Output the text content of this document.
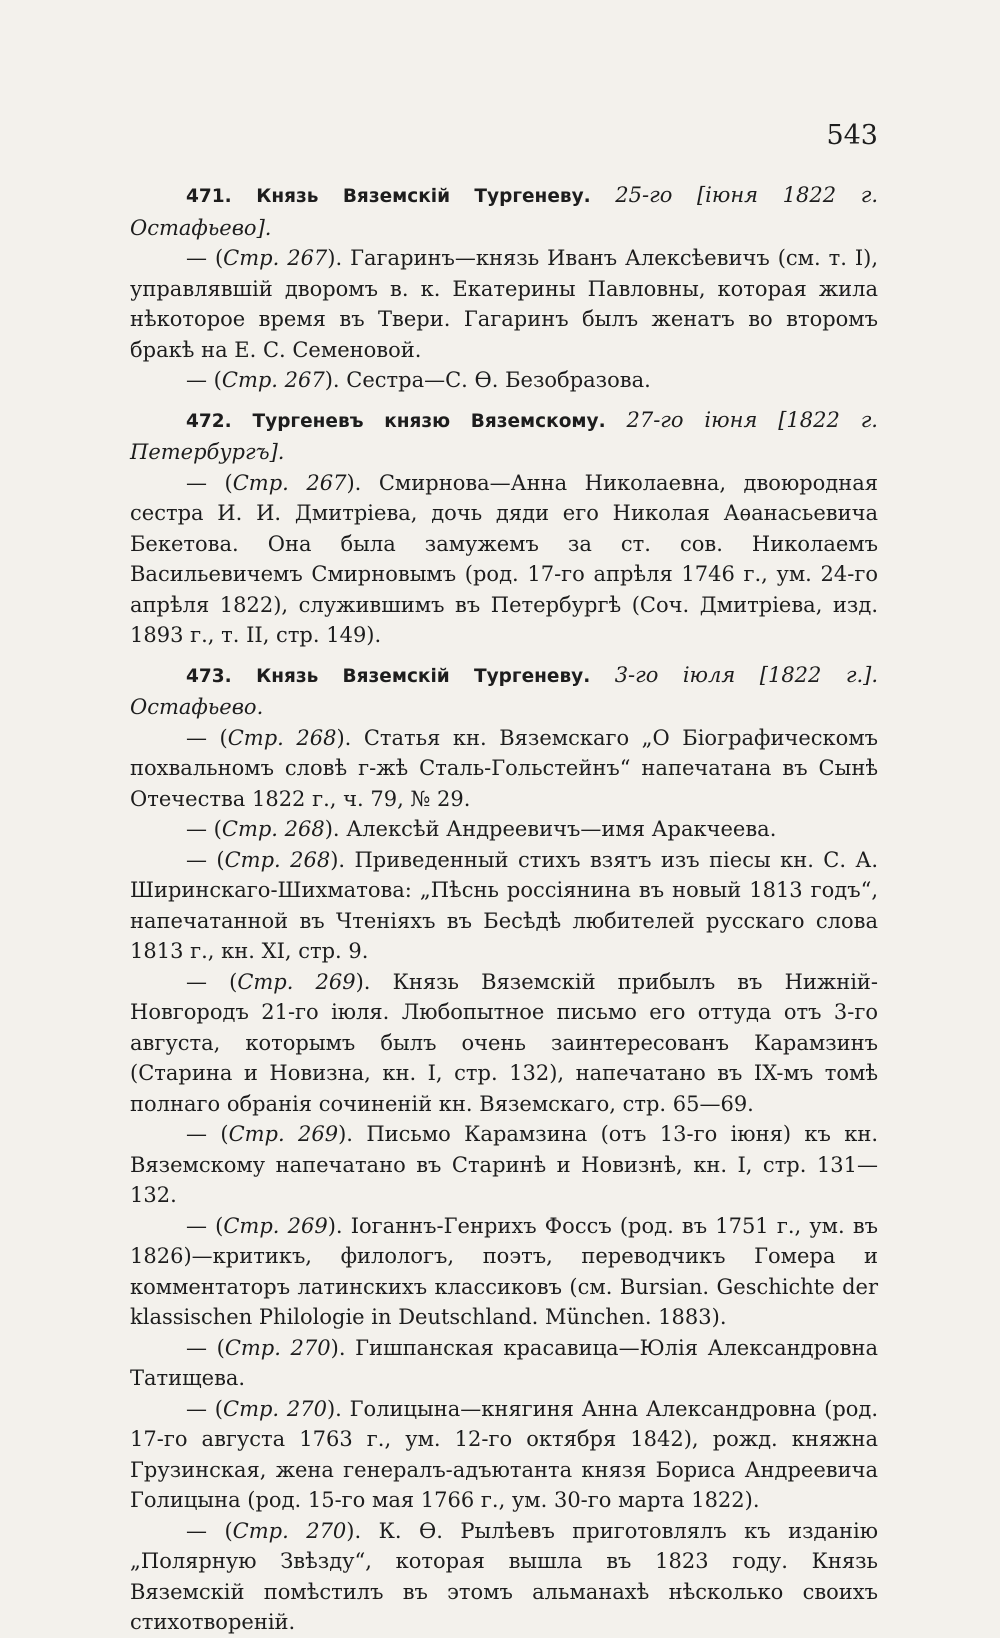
543

471. Князь Вяземскій Тургеневу. 25-го [іюня 1822 г. Остафьево].

— (Стр. 267). Гагаринъ—князь Иванъ Алексѣевичъ (см. т. I), управлявшій дворомъ в. к. Екатерины Павловны, которая жила нѣкоторое время въ Твери. Гагаринъ былъ женатъ во второмъ бракѣ на Е. С. Семеновой.

— (Стр. 267). Сестра—С. Ѳ. Безобразова.

472. Тургеневъ князю Вяземскому. 27-го іюня [1822 г. Петербургъ].

— (Стр. 267). Смирнова—Анна Николаевна, двоюродная сестра И. И. Дмитріева, дочь дяди его Николая Аѳанасьевича Бекетова. Она была замужемъ за ст. сов. Николаемъ Васильевичемъ Смирновымъ (род. 17-го апрѣля 1746 г., ум. 24-го апрѣля 1822), служившимъ въ Петербургѣ (Соч. Дмитріева, изд. 1893 г., т. II, стр. 149).

473. Князь Вяземскій Тургеневу. 3-го іюля [1822 г.]. Остафьево.

— (Стр. 268). Статья кн. Вяземскаго „О Біографическомъ похвальномъ словѣ г-жѣ Сталь-Гольстейнъ“ напечатана въ Сынѣ Отечества 1822 г., ч. 79, № 29.

— (Стр. 268). Алексѣй Андреевичъ—имя Аракчеева.

— (Стр. 268). Приведенный стихъ взятъ изъ піесы кн. С. А. Ширинскаго-Шихматова: „Пѣснь россіянина въ новый 1813 годъ“, напечатанной въ Чтеніяхъ въ Бесѣдѣ любителей русскаго слова 1813 г., кн. XI, стр. 9.

— (Стр. 269). Князь Вяземскій прибылъ въ Нижній-Новгородъ 21-го іюля. Любопытное письмо его оттуда отъ 3-го августа, которымъ былъ очень заинтересованъ Карамзинъ (Старина и Новизна, кн. I, стр. 132), напечатано въ IX-мъ томѣ полнаго обранія сочиненій кн. Вяземскаго, стр. 65—69.

— (Стр. 269). Письмо Карамзина (отъ 13-го іюня) къ кн. Вяземскому напечатано въ Старинѣ и Новизнѣ, кн. I, стр. 131—132.

— (Стр. 269). Іоганнъ-Генрихъ Фоссъ (род. въ 1751 г., ум. въ 1826)—критикъ, филологъ, поэтъ, переводчикъ Гомера и комментаторъ латинскихъ классиковъ (см. Bursian. Geschichte der klassischen Philologie in Deutschland. München. 1883).

— (Стр. 270). Гишпанская красавица—Юлія Александровна Татищева.

— (Стр. 270). Голицына—княгиня Анна Александровна (род. 17-го августа 1763 г., ум. 12-го октября 1842), рожд. княжна Грузинская, жена генералъ-адъютанта князя Бориса Андреевича Голицына (род. 15-го мая 1766 г., ум. 30-го марта 1822).

— (Стр. 270). К. Ѳ. Рылѣевъ приготовлялъ къ изданію „Полярную Звѣзду“, которая вышла въ 1823 году. Князь Вяземскій помѣстилъ въ этомъ альманахѣ нѣсколько своихъ стихотвореній.
